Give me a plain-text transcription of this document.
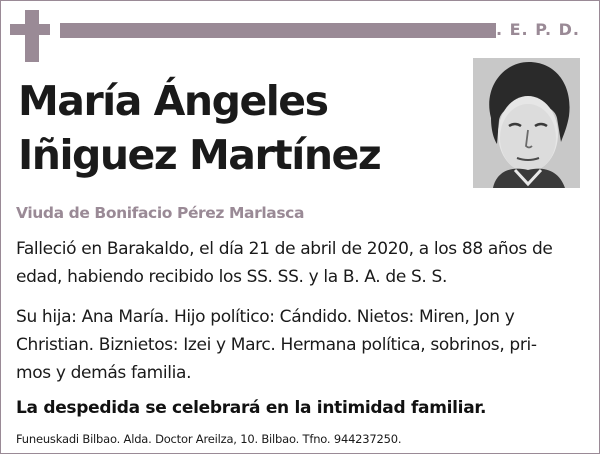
Q. E. P. D.
María Ángeles
Iñiguez Martínez
Viuda de Bonifacio Pérez Marlasca
Falleció en Barakaldo, el día 21 de abril de 2020, a los 88 años de
edad, habiendo recibido los SS. SS. y la B. A. de S. S.
Su hija: Ana María. Hijo político: Cándido. Nietos: Miren, Jon y
Christian. Biznietos: Izei y Marc. Hermana política, sobrinos, pri-
mos y demás familia.
La despedida se celebrará en la intimidad familiar.
Funeuskadi Bilbao. Alda. Doctor Areilza, 10. Bilbao. Tfno. 944237250.
